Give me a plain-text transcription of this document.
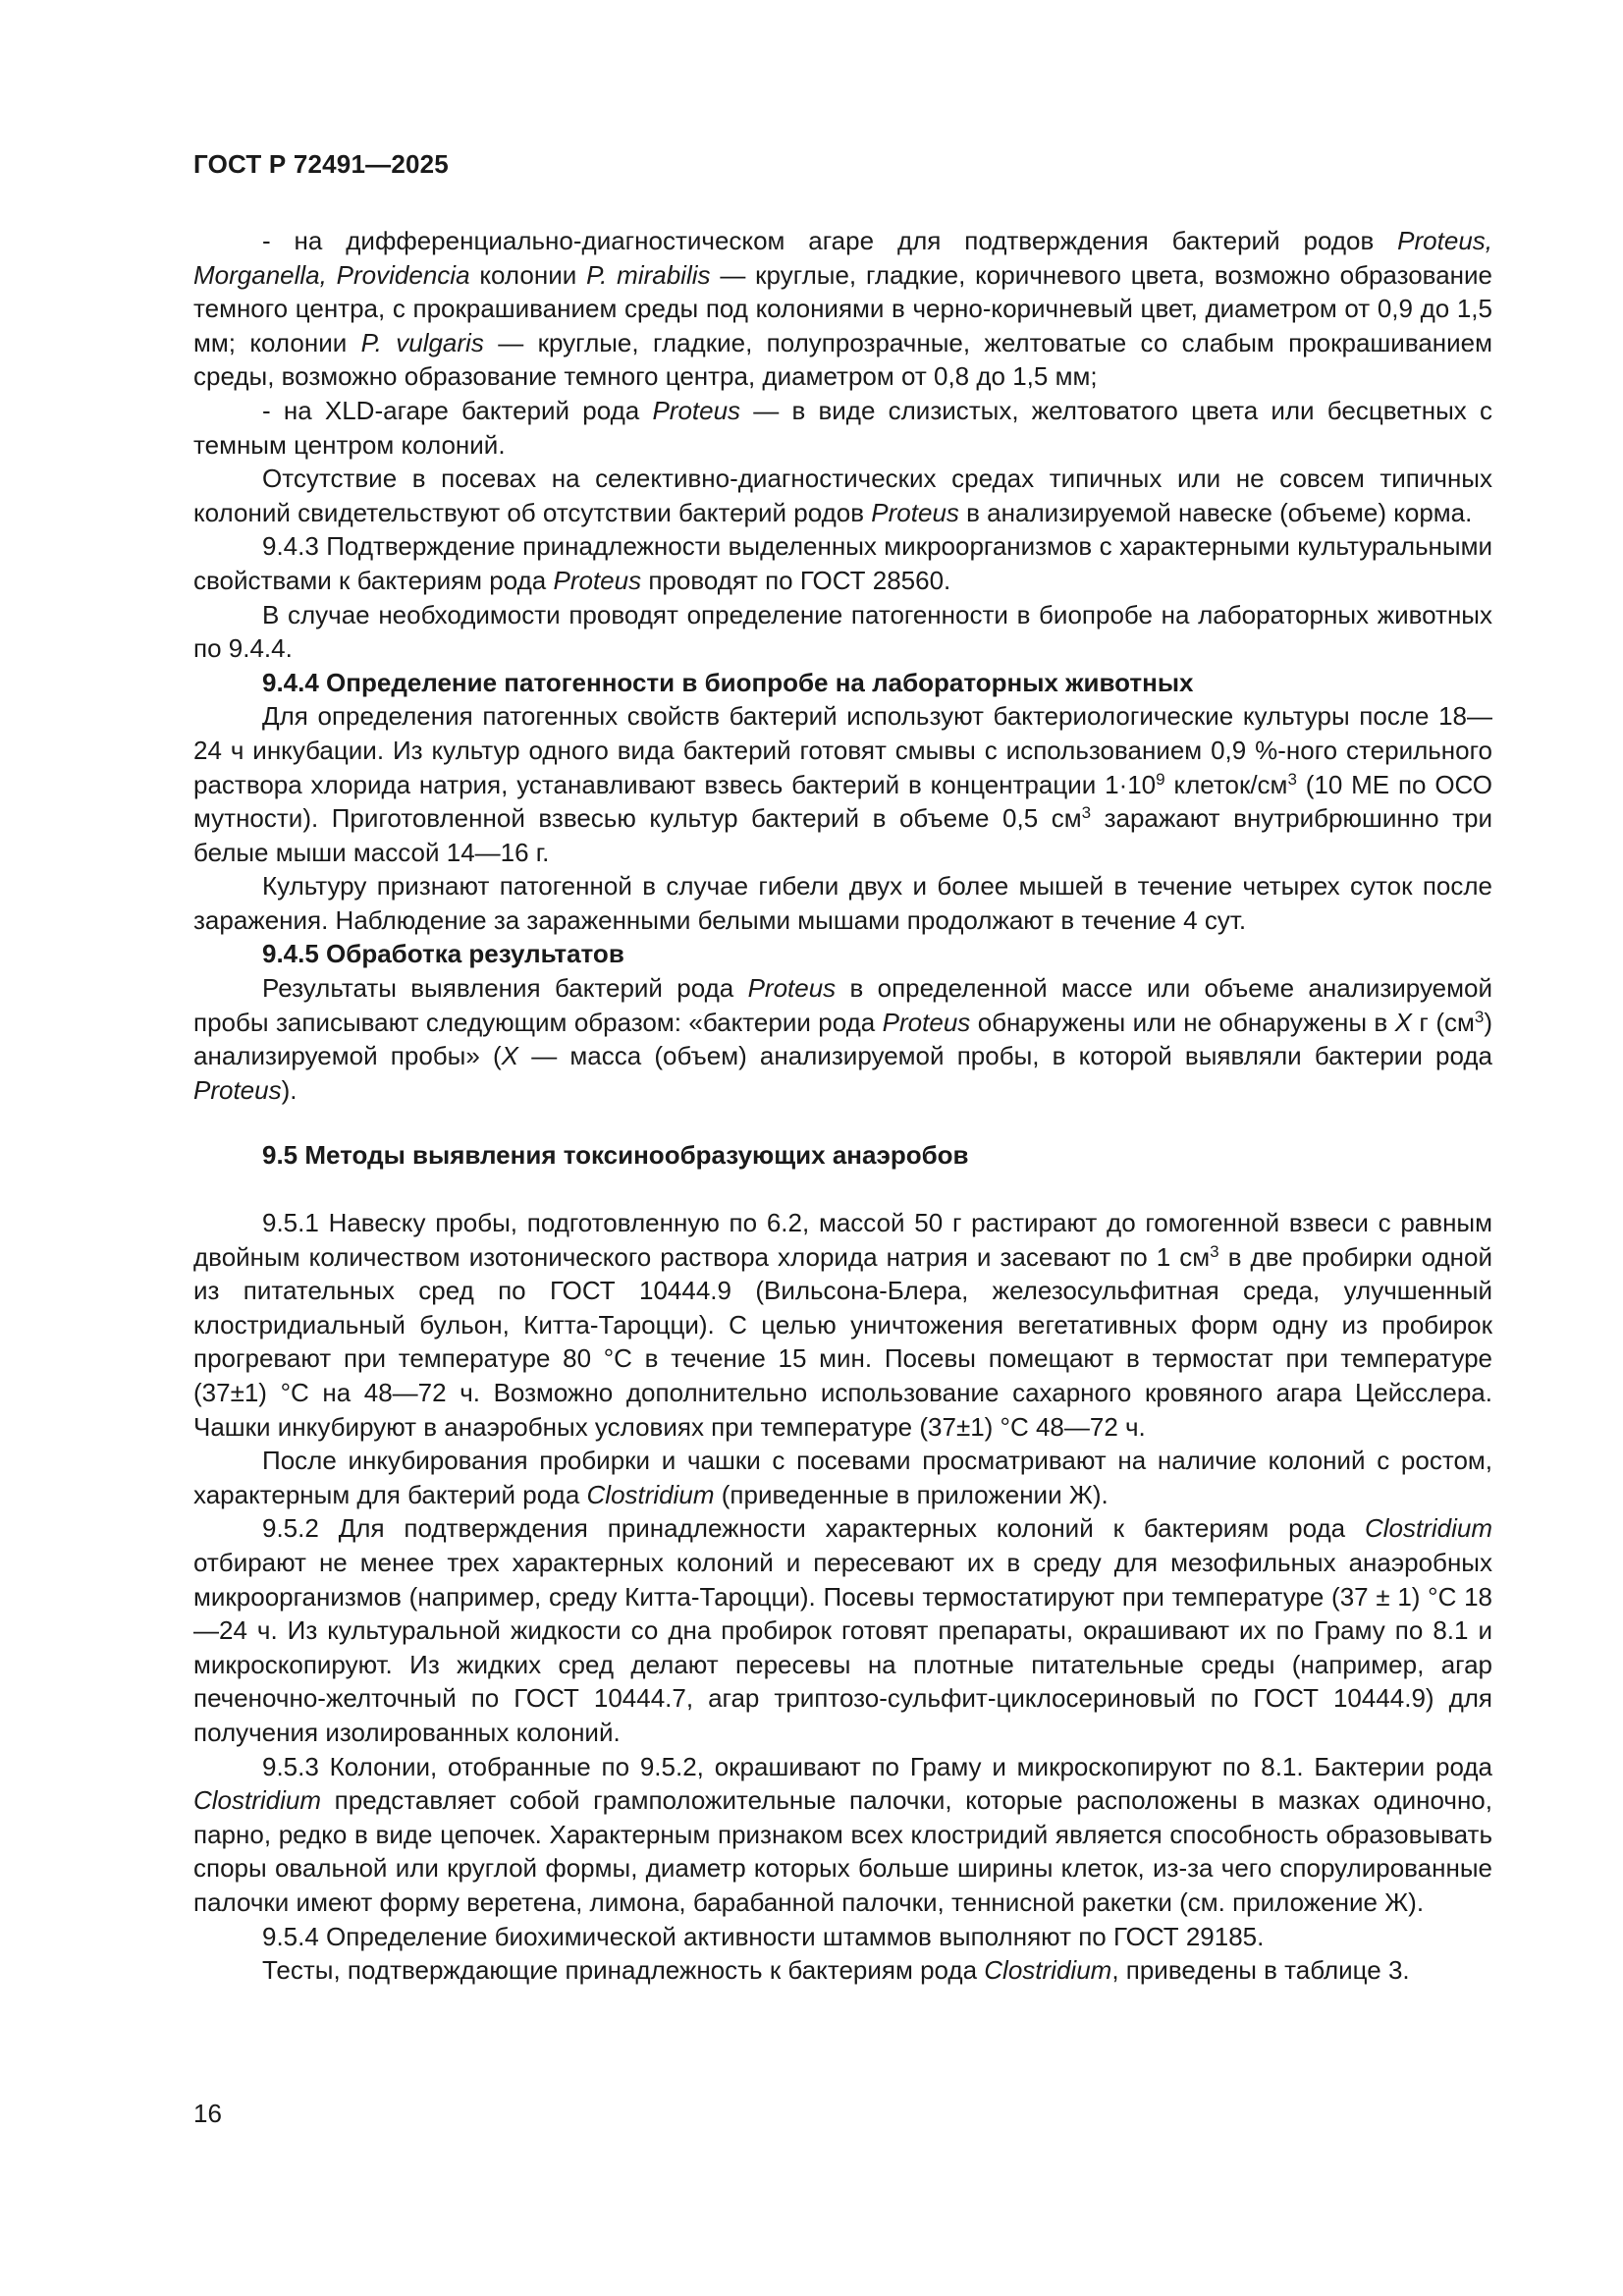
ГОСТ Р 72491—2025

- на дифференциально-диагностическом агаре для подтверждения бактерий родов Proteus, Morganella, Providencia колонии P. mirabilis — круглые, гладкие, коричневого цвета, возможно образование темного центра, с прокрашиванием среды под колониями в черно-коричневый цвет, диаметром от 0,9 до 1,5 мм; колонии P. vulgaris — круглые, гладкие, полупрозрачные, желтоватые со слабым прокрашиванием среды, возможно образование темного центра, диаметром от 0,8 до 1,5 мм;

- на XLD-агаре бактерий рода Proteus — в виде слизистых, желтоватого цвета или бесцветных с темным центром колоний.

Отсутствие в посевах на селективно-диагностических средах типичных или не совсем типичных колоний свидетельствуют об отсутствии бактерий родов Proteus в анализируемой навеске (объеме) корма.

9.4.3 Подтверждение принадлежности выделенных микроорганизмов с характерными культуральными свойствами к бактериям рода Proteus проводят по ГОСТ 28560.

В случае необходимости проводят определение патогенности в биопробе на лабораторных животных по 9.4.4.

9.4.4 Определение патогенности в биопробе на лабораторных животных

Для определения патогенных свойств бактерий используют бактериологические культуры после 18—24 ч инкубации. Из культур одного вида бактерий готовят смывы с использованием 0,9 %-ного стерильного раствора хлорида натрия, устанавливают взвесь бактерий в концентрации $1\cdot 10^9$ клеток/$см^3$ (10 МЕ по ОСО мутности). Приготовленной взвесью культур бактерий в объеме 0,5 $см^3$ заражают внутрибрюшинно три белые мыши массой 14—16 г.

Культуру признают патогенной в случае гибели двух и более мышей в течение четырех суток после заражения. Наблюдение за зараженными белыми мышами продолжают в течение 4 сут.

9.4.5 Обработка результатов

Результаты выявления бактерий рода Proteus в определенной массе или объеме анализируемой пробы записывают следующим образом: «бактерии рода Proteus обнаружены или не обнаружены в X г $(см^3)$ анализируемой пробы» (X — масса (объем) анализируемой пробы, в которой выявляли бактерии рода Proteus).

9.5 Методы выявления токсинообразующих анаэробов

9.5.1 Навеску пробы, подготовленную по 6.2, массой 50 г растирают до гомогенной взвеси с равным двойным количеством изотонического раствора хлорида натрия и засевают по 1 $см^3$ в две пробирки одной из питательных сред по ГОСТ 10444.9 (Вильсона-Блера, железосульфитная среда, улучшенный клостридиальный бульон, Китта-Тароцци). С целью уничтожения вегетативных форм одну из пробирок прогревают при температуре 80 °С в течение 15 мин. Посевы помещают в термостат при температуре (37±1) °С на 48—72 ч. Возможно дополнительно использование сахарного кровяного агара Цейсслера. Чашки инкубируют в анаэробных условиях при температуре (37±1) °С 48—72 ч.

После инкубирования пробирки и чашки с посевами просматривают на наличие колоний с ростом, характерным для бактерий рода Clostridium (приведенные в приложении Ж).

9.5.2 Для подтверждения принадлежности характерных колоний к бактериям рода Clostridium отбирают не менее трех характерных колоний и пересевают их в среду для мезофильных анаэробных микроорганизмов (например, среду Китта-Тароцци). Посевы термостатируют при температуре (37 ± 1) °С 18—24 ч. Из культуральной жидкости со дна пробирок готовят препараты, окрашивают их по Граму по 8.1 и микроскопируют. Из жидких сред делают пересевы на плотные питательные среды (например, агар печеночно-желточный по ГОСТ 10444.7, агар триптозо-сульфит-циклосериновый по ГОСТ 10444.9) для получения изолированных колоний.

9.5.3 Колонии, отобранные по 9.5.2, окрашивают по Граму и микроскопируют по 8.1. Бактерии рода Clostridium представляет собой грамположительные палочки, которые расположены в мазках одиночно, парно, редко в виде цепочек. Характерным признаком всех клостридий является способность образовывать споры овальной или круглой формы, диаметр которых больше ширины клеток, из-за чего спорулированные палочки имеют форму веретена, лимона, барабанной палочки, теннисной ракетки (см. приложение Ж).

9.5.4 Определение биохимической активности штаммов выполняют по ГОСТ 29185.

Тесты, подтверждающие принадлежность к бактериям рода Clostridium, приведены в таблице 3.

16
